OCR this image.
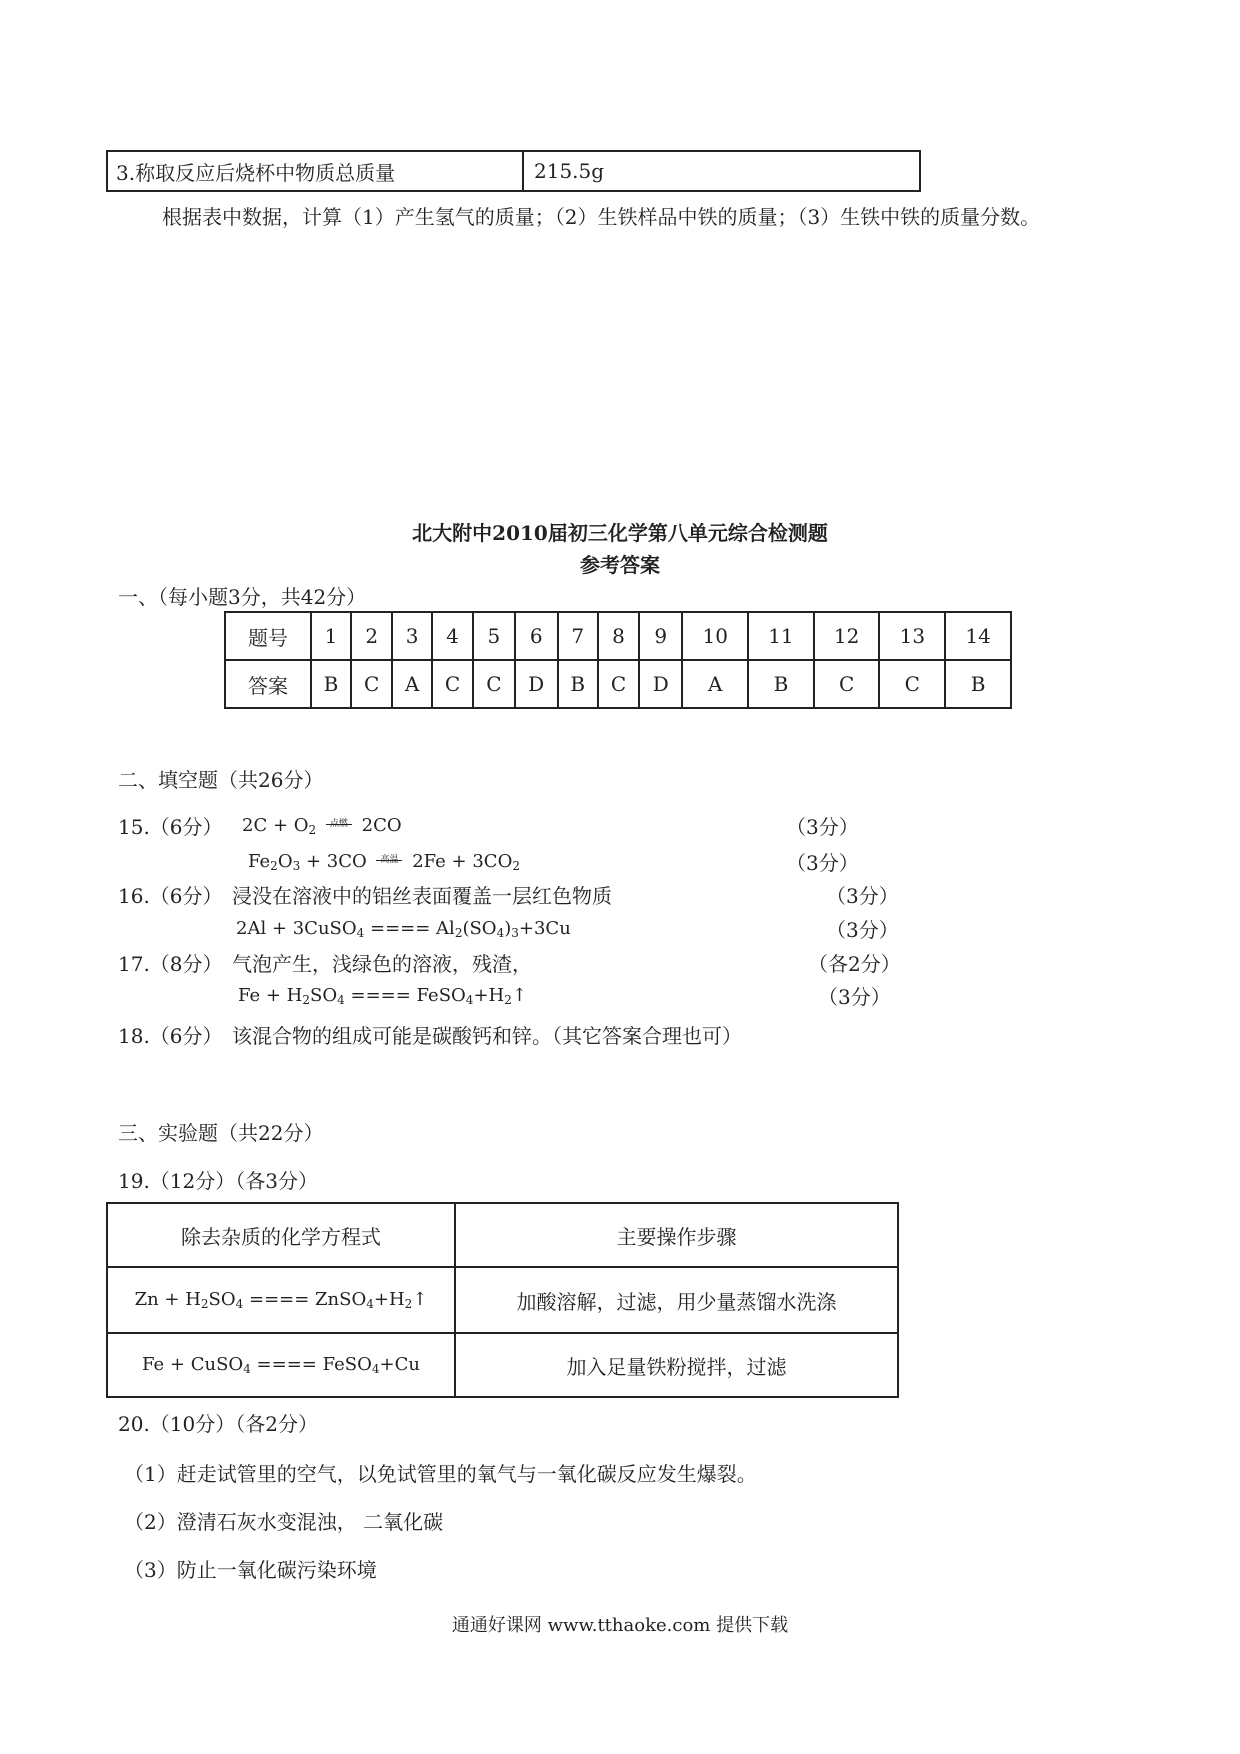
3.称取反应后烧杯中物质总质量	215.5g
根据表中数据，计算（1）产生氢气的质量；（2）生铁样品中铁的质量；（3）生铁中铁的质量分数。
北大附中2010届初三化学第八单元综合检测题
参考答案
一、（每小题3分，共42分）
题号	1	2	3	4	5	6	7	8	9	10	11	12	13	14
答案	B	C	A	C	C	D	B	C	D	A	B	C	C	B
二、填空题（共26分）
15.（6分） $2C + O_2$	点燃 2CO	（3分）
$Fe_2O_3 + 3CO$	高温 $2Fe + 3CO_2$	（3分）
16.（6分） 浸没在溶液中的铝丝表面覆盖一层红色物质	（3分）
2Al + 3CuSO$_4$ ==== $Al_2(SO_4)_3+3Cu$	（3分）
17.（8分） 气泡产生，浅绿色的溶液，残渣，	（各2分）
$Fe + H_2SO_4$ ==== $FeSO_4+H_2↑$	（3分）
18.（6分） 该混合物的组成可能是碳酸钙和锌。（其它答案合理也可）
三、实验题（共22分）
19.（12分）（各3分）
除去杂质的化学方程式	主要操作步骤
$Zn + H_2SO_4$ ==== $ZnSO_4+H_2↑$	加酸溶解，过滤，用少量蒸馏水洗涤
Fe + CuSO$_4$ ==== FeSO$_4$+Cu	加入足量铁粉搅拌，过滤
20.（10分）（各2分）
（1）赶走试管里的空气，以免试管里的氧气与一氧化碳反应发生爆裂。
（2）澄清石灰水变混浊， 二氧化碳
（3）防止一氧化碳污染环境
通通好课网 www.tthaoke.com 提供下载
